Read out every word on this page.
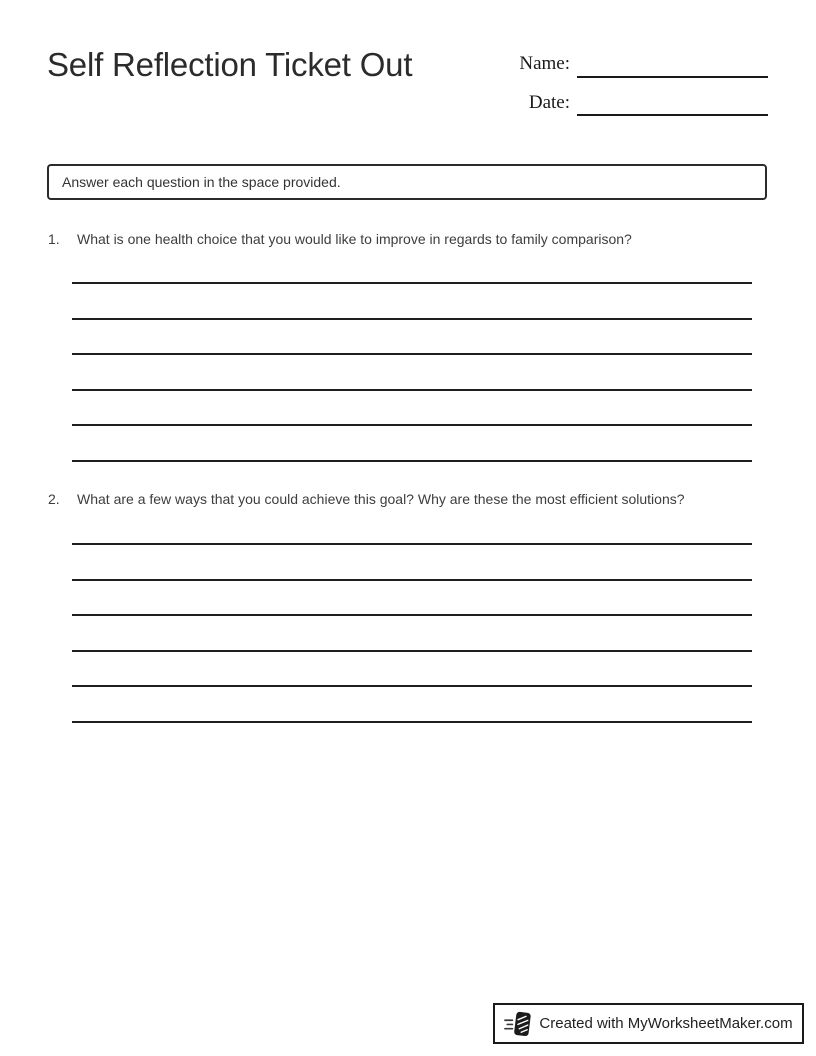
Self Reflection Ticket Out	Name:
Date:
Answer each question in the space provided.
1.	What is one health choice that you would like to improve in regards to family comparison?
2.	What are a few ways that you could achieve this goal? Why are these the most efficient solutions?
Created with MyWorksheetMaker.com
